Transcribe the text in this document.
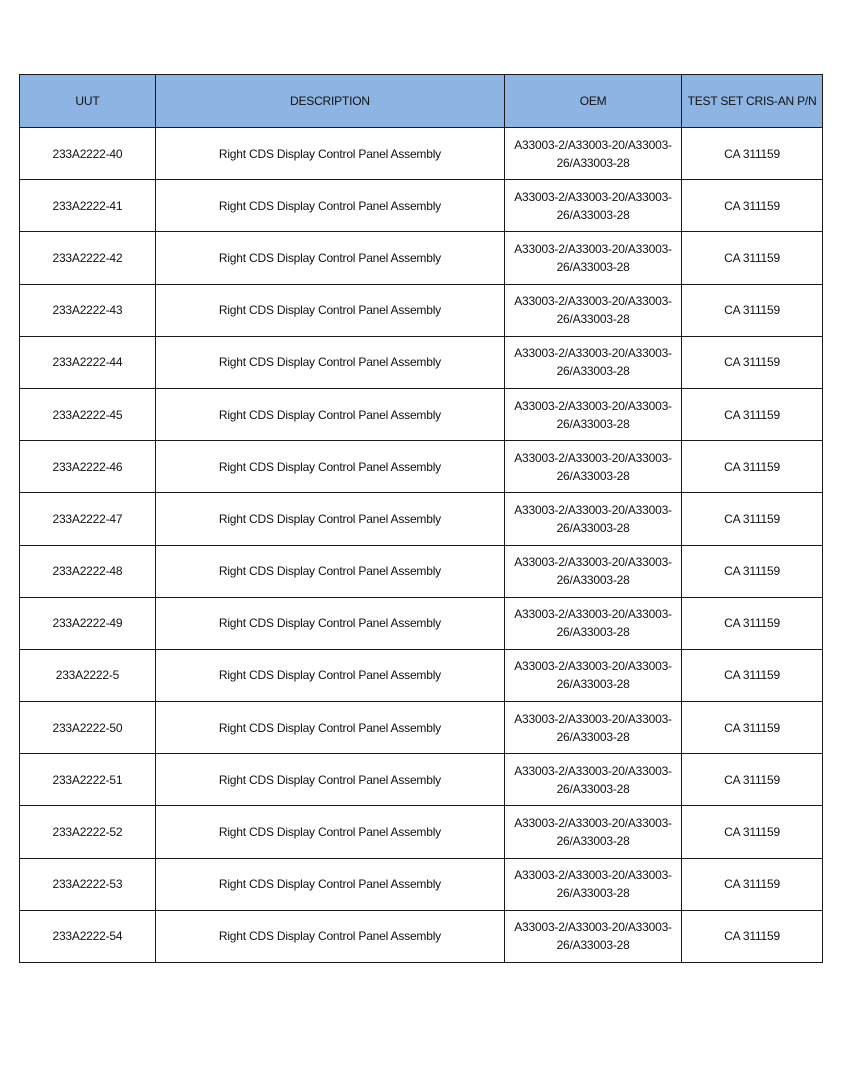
UUT	DESCRIPTION	OEM	TEST SET CRIS-AN P/N
233A2222-40	Right CDS Display Control Panel Assembly	A33003-2/A33003-20/A33003-26/A33003-28	CA 311159
233A2222-41	Right CDS Display Control Panel Assembly	A33003-2/A33003-20/A33003-26/A33003-28	CA 311159
233A2222-42	Right CDS Display Control Panel Assembly	A33003-2/A33003-20/A33003-26/A33003-28	CA 311159
233A2222-43	Right CDS Display Control Panel Assembly	A33003-2/A33003-20/A33003-26/A33003-28	CA 311159
233A2222-44	Right CDS Display Control Panel Assembly	A33003-2/A33003-20/A33003-26/A33003-28	CA 311159
233A2222-45	Right CDS Display Control Panel Assembly	A33003-2/A33003-20/A33003-26/A33003-28	CA 311159
233A2222-46	Right CDS Display Control Panel Assembly	A33003-2/A33003-20/A33003-26/A33003-28	CA 311159
233A2222-47	Right CDS Display Control Panel Assembly	A33003-2/A33003-20/A33003-26/A33003-28	CA 311159
233A2222-48	Right CDS Display Control Panel Assembly	A33003-2/A33003-20/A33003-26/A33003-28	CA 311159
233A2222-49	Right CDS Display Control Panel Assembly	A33003-2/A33003-20/A33003-26/A33003-28	CA 311159
233A2222-5	Right CDS Display Control Panel Assembly	A33003-2/A33003-20/A33003-26/A33003-28	CA 311159
233A2222-50	Right CDS Display Control Panel Assembly	A33003-2/A33003-20/A33003-26/A33003-28	CA 311159
233A2222-51	Right CDS Display Control Panel Assembly	A33003-2/A33003-20/A33003-26/A33003-28	CA 311159
233A2222-52	Right CDS Display Control Panel Assembly	A33003-2/A33003-20/A33003-26/A33003-28	CA 311159
233A2222-53	Right CDS Display Control Panel Assembly	A33003-2/A33003-20/A33003-26/A33003-28	CA 311159
233A2222-54	Right CDS Display Control Panel Assembly	A33003-2/A33003-20/A33003-26/A33003-28	CA 311159
